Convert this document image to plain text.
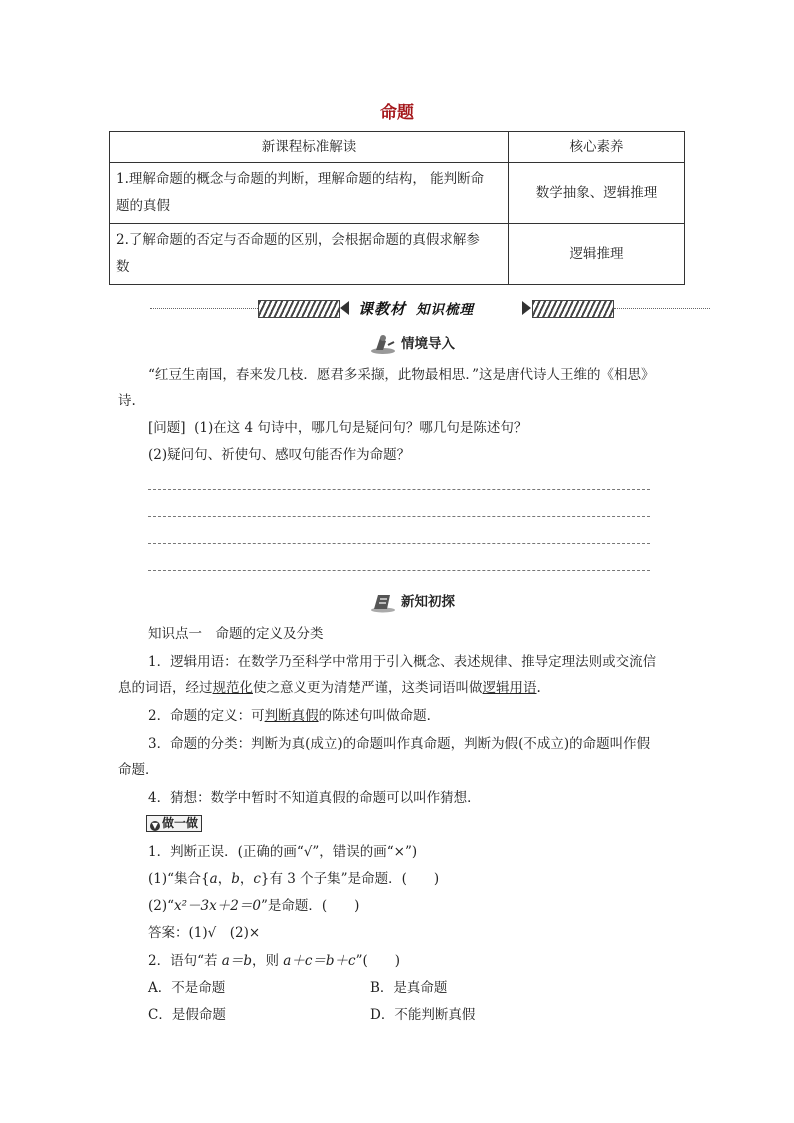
命题
新课程标准解读	核心素养

1.理解命题的概念与命题的判断，理解命题的结构， 能判断命
题的真假	数学抽象、逻辑推理

2.了解命题的否定与否命题的区别，会根据命题的真假求解参
数	逻辑推理
课教材 知识梳理
情境导入
“红豆生南国，春来发几枝．愿君多采撷，此物最相思．”这是唐代诗人王维的《相思》
诗.
[问题] (1)在这 4 句诗中，哪几句是疑问句？哪几句是陈述句？
(2)疑问句、祈使句、感叹句能否作为命题？
新知初探
知识点一　命题的定义及分类
1．逻辑用语：在数学乃至科学中常用于引入概念、表述规律、推导定理法则或交流信
息的词语，经过规范化使之意义更为清楚严谨，这类词语叫做逻辑用语.
2．命题的定义：可判断真假的陈述句叫做命题．
3．命题的分类：判断为真(成立)的命题叫作真命题，判断为假(不成立)的命题叫作假
命题．
4．猜想：数学中暂时不知道真假的命题可以叫作猜想．
▼ 做一做
1．判断正误．(正确的画“√”，错误的画“×”)
(1)“集合{a，b，c}有 3 个子集”是命题．(　　)
(2)“x²－3x＋2＝0”是命题．(　　)
答案：(1)√　(2)×
2．语句“若 a＝b，则 a＋c＝b＋c”(　　)
A．不是命题	B．是真命题
C．是假命题	D．不能判断真假
